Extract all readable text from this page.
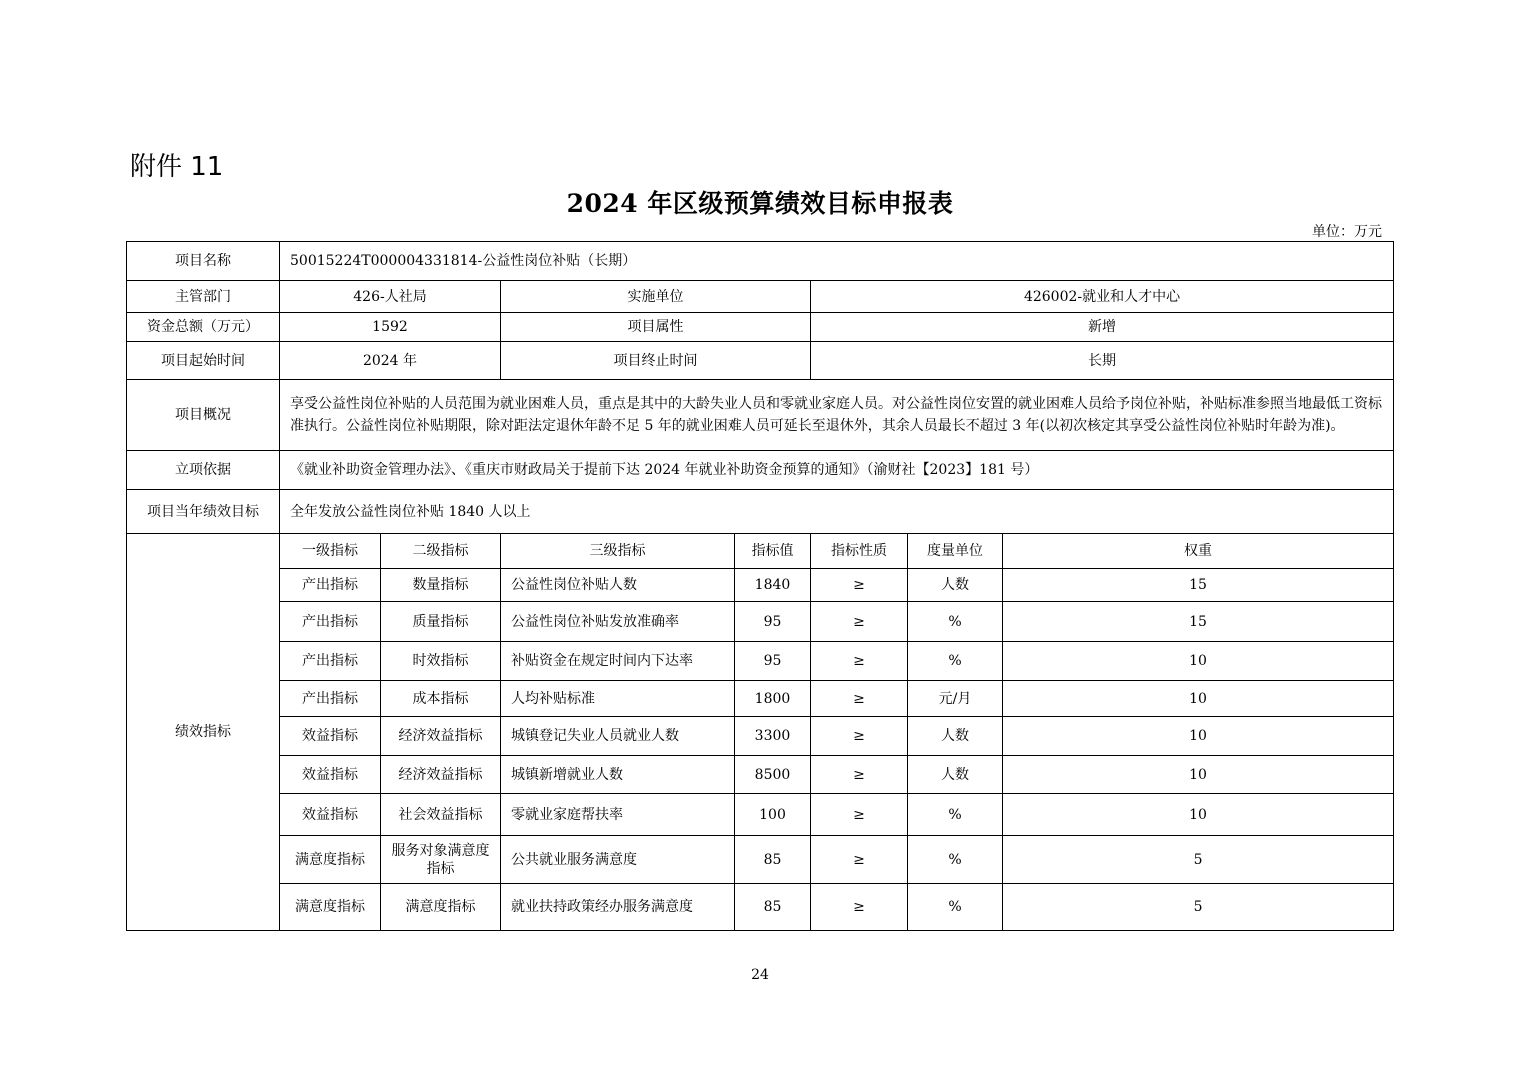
附件 11
2024 年区级预算绩效目标申报表
单位：万元
项目名称	50015224T000004331814-公益性岗位补贴（长期）						
主管部门	426-人社局		实施单位		426002-就业和人才中心		
资金总额（万元）	1592		项目属性		新增		
项目起始时间	2024 年		项目终止时间		长期		
项目概况	享受公益性岗位补贴的人员范围为就业困难人员，重点是其中的大龄失业人员和零就业家庭人员。对公益性岗位安置的就业困难人员给予岗位补贴，补贴标准参照当地最低工资标准执行。公益性岗位补贴期限，除对距法定退休年龄不足 5 年的就业困难人员可延长至退休外，其余人员最长不超过 3 年(以初次核定其享受公益性岗位补贴时年龄为准)。						
立项依据	《就业补助资金管理办法》、《重庆市财政局关于提前下达 2024 年就业补助资金预算的通知》（渝财社【2023】181 号）						
项目当年绩效目标	全年发放公益性岗位补贴 1840 人以上						
绩效指标	一级指标	二级指标	三级指标	指标值	指标性质	度量单位	权重
	产出指标	数量指标	公益性岗位补贴人数	1840	≥	人数	15
	产出指标	质量指标	公益性岗位补贴发放准确率	95	≥	%	15
	产出指标	时效指标	补贴资金在规定时间内下达率	95	≥	%	10
	产出指标	成本指标	人均补贴标准	1800	≥	元/月	10
	效益指标	经济效益指标	城镇登记失业人员就业人数	3300	≥	人数	10
	效益指标	经济效益指标	城镇新增就业人数	8500	≥	人数	10
	效益指标	社会效益指标	零就业家庭帮扶率	100	≥	%	10
	满意度指标	服务对象满意度指标	公共就业服务满意度	85	≥	%	5
	满意度指标	满意度指标	就业扶持政策经办服务满意度	85	≥	%	5
24
